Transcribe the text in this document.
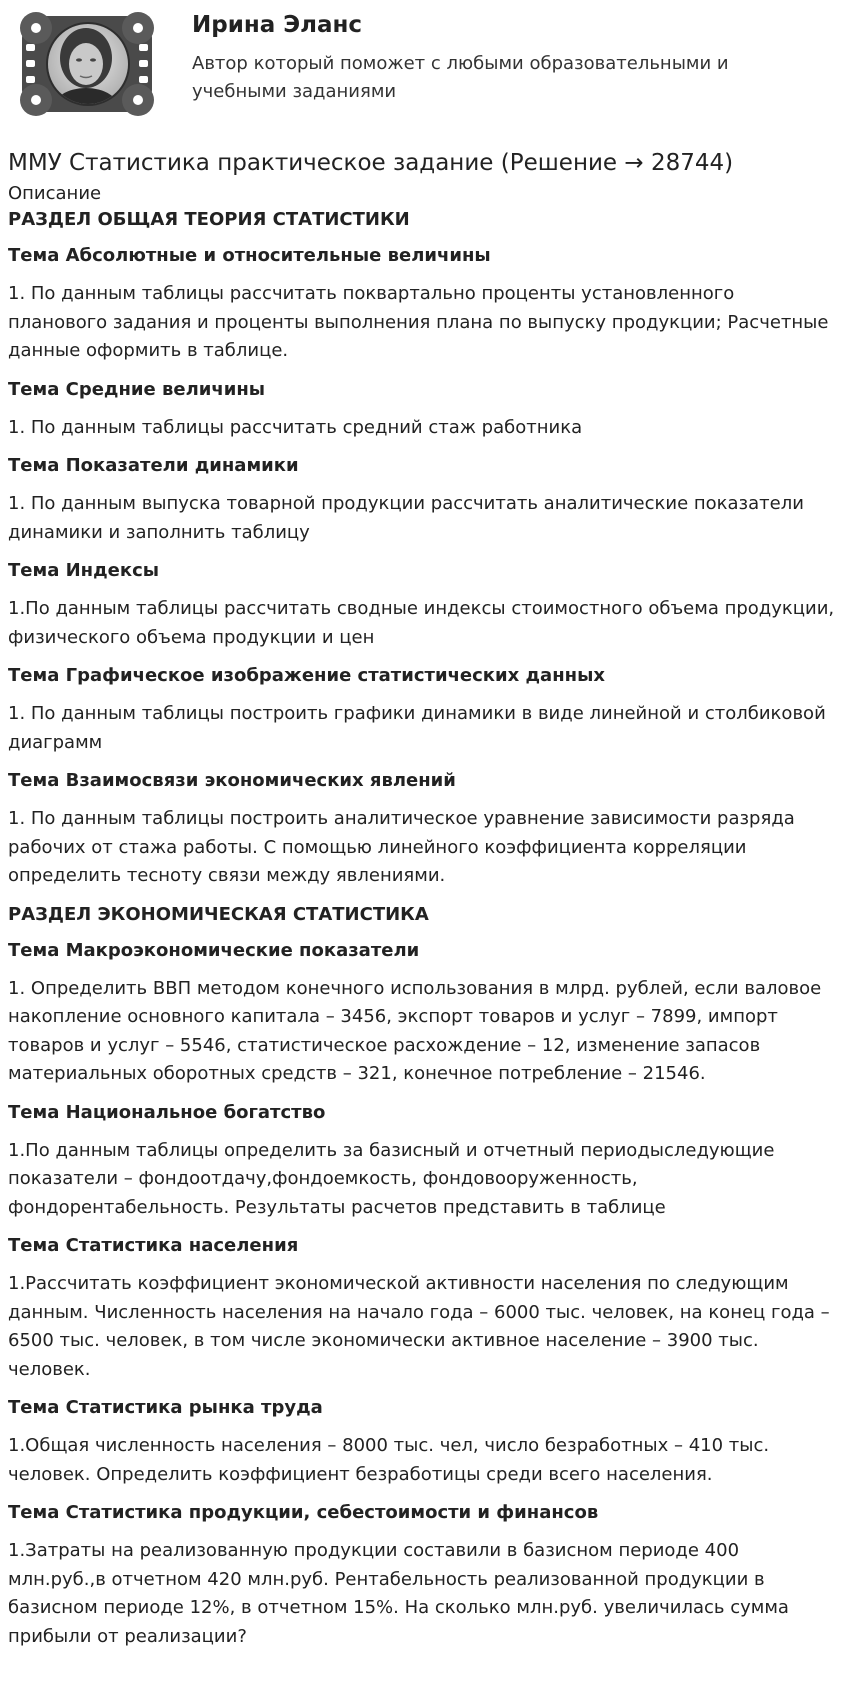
Ирина Эланс
Автор который поможет с любыми образовательными и учебными заданиями
ММУ Статистика практическое задание (Решение → 28744)
Описание
РАЗДЕЛ ОБЩАЯ ТЕОРИЯ СТАТИСТИКИ
Тема Абсолютные и относительные величины

1. По данным таблицы рассчитать поквартально проценты установленного планового задания и проценты выполнения плана по выпуску продукции; Расчетные данные оформить в таблице.

Тема Средние величины

1. По данным таблицы рассчитать средний стаж работника

Тема Показатели динамики

1. По данным выпуска товарной продукции рассчитать аналитические показатели динамики и заполнить таблицу

Тема Индексы

1.По данным таблицы рассчитать сводные индексы стоимостного объема продукции, физического объема продукции и цен

Тема Графическое изображение статистических данных

1. По данным таблицы построить графики динамики в виде линейной и столбиковой диаграмм

Тема Взаимосвязи экономических явлений

1. По данным таблицы построить аналитическое уравнение зависимости разряда рабочих от стажа работы. С помощью линейного коэффициента корреляции определить тесноту связи между явлениями.

РАЗДЕЛ ЭКОНОМИЧЕСКАЯ СТАТИСТИКА
Тема Макроэкономические показатели

1. Определить ВВП методом конечного использования в млрд. рублей, если валовое накопление основного капитала – 3456, экспорт товаров и услуг – 7899, импорт товаров и услуг – 5546, статистическое расхождение – 12, изменение запасов материальных оборотных средств – 321, конечное потребление – 21546.

Тема Национальное богатство

1.По данным таблицы определить за базисный и отчетный периодыследующие показатели – фондоотдачу,фондоемкость, фондовооруженность, фондорентабельность. Результаты расчетов представить в таблице

Тема Статистика населения

1.Рассчитать коэффициент экономической активности населения по следующим данным. Численность населения на начало года – 6000 тыс. человек, на конец года – 6500 тыс. человек, в том числе экономически активное население – 3900 тыс. человек.

Тема Статистика рынка труда

1.Общая численность населения – 8000 тыс. чел, число безработных – 410 тыс. человек. Определить коэффициент безработицы среди всего населения.

Тема Статистика продукции, себестоимости и финансов

1.Затраты на реализованную продукции составили в базисном периоде 400 млн.руб.,в отчетном 420 млн.руб. Рентабельность реализованной продукции в базисном периоде 12%, в отчетном 15%. На сколько млн.руб. увеличилась сумма прибыли от реализации?
